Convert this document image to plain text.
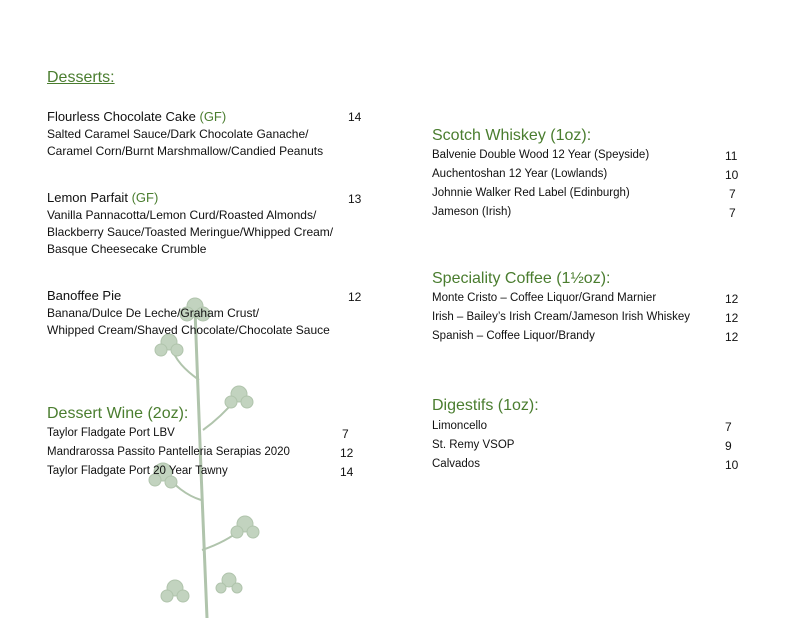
Desserts:
Flourless Chocolate Cake (GF)	14
Salted Caramel Sauce/Dark Chocolate Ganache/
Caramel Corn/Burnt Marshmallow/Candied Peanuts
Lemon Parfait (GF)	13
Vanilla Pannacotta/Lemon Curd/Roasted Almonds/
Blackberry Sauce/Toasted Meringue/Whipped Cream/
Basque Cheesecake Crumble
Banoffee Pie	12
Banana/Dulce De Leche/Graham Crust/
Whipped Cream/Shaved Chocolate/Chocolate Sauce
Dessert Wine (2oz):
Taylor Fladgate Port LBV	7
Mandrarossa Passito Pantelleria Serapias 2020	12
Taylor Fladgate Port 20 Year Tawny	14
Scotch Whiskey (1oz):
Balvenie Double Wood 12 Year (Speyside)	11
Auchentoshan 12 Year (Lowlands)	10
Johnnie Walker Red Label (Edinburgh)	7
Jameson (Irish)	7
Speciality Coffee (1½oz):
Monte Cristo – Coffee Liquor/Grand Marnier	12
Irish – Bailey’s Irish Cream/Jameson Irish Whiskey	12
Spanish – Coffee Liquor/Brandy	12
Digestifs (1oz):
Limoncello	7
St. Remy VSOP	9
Calvados	10
